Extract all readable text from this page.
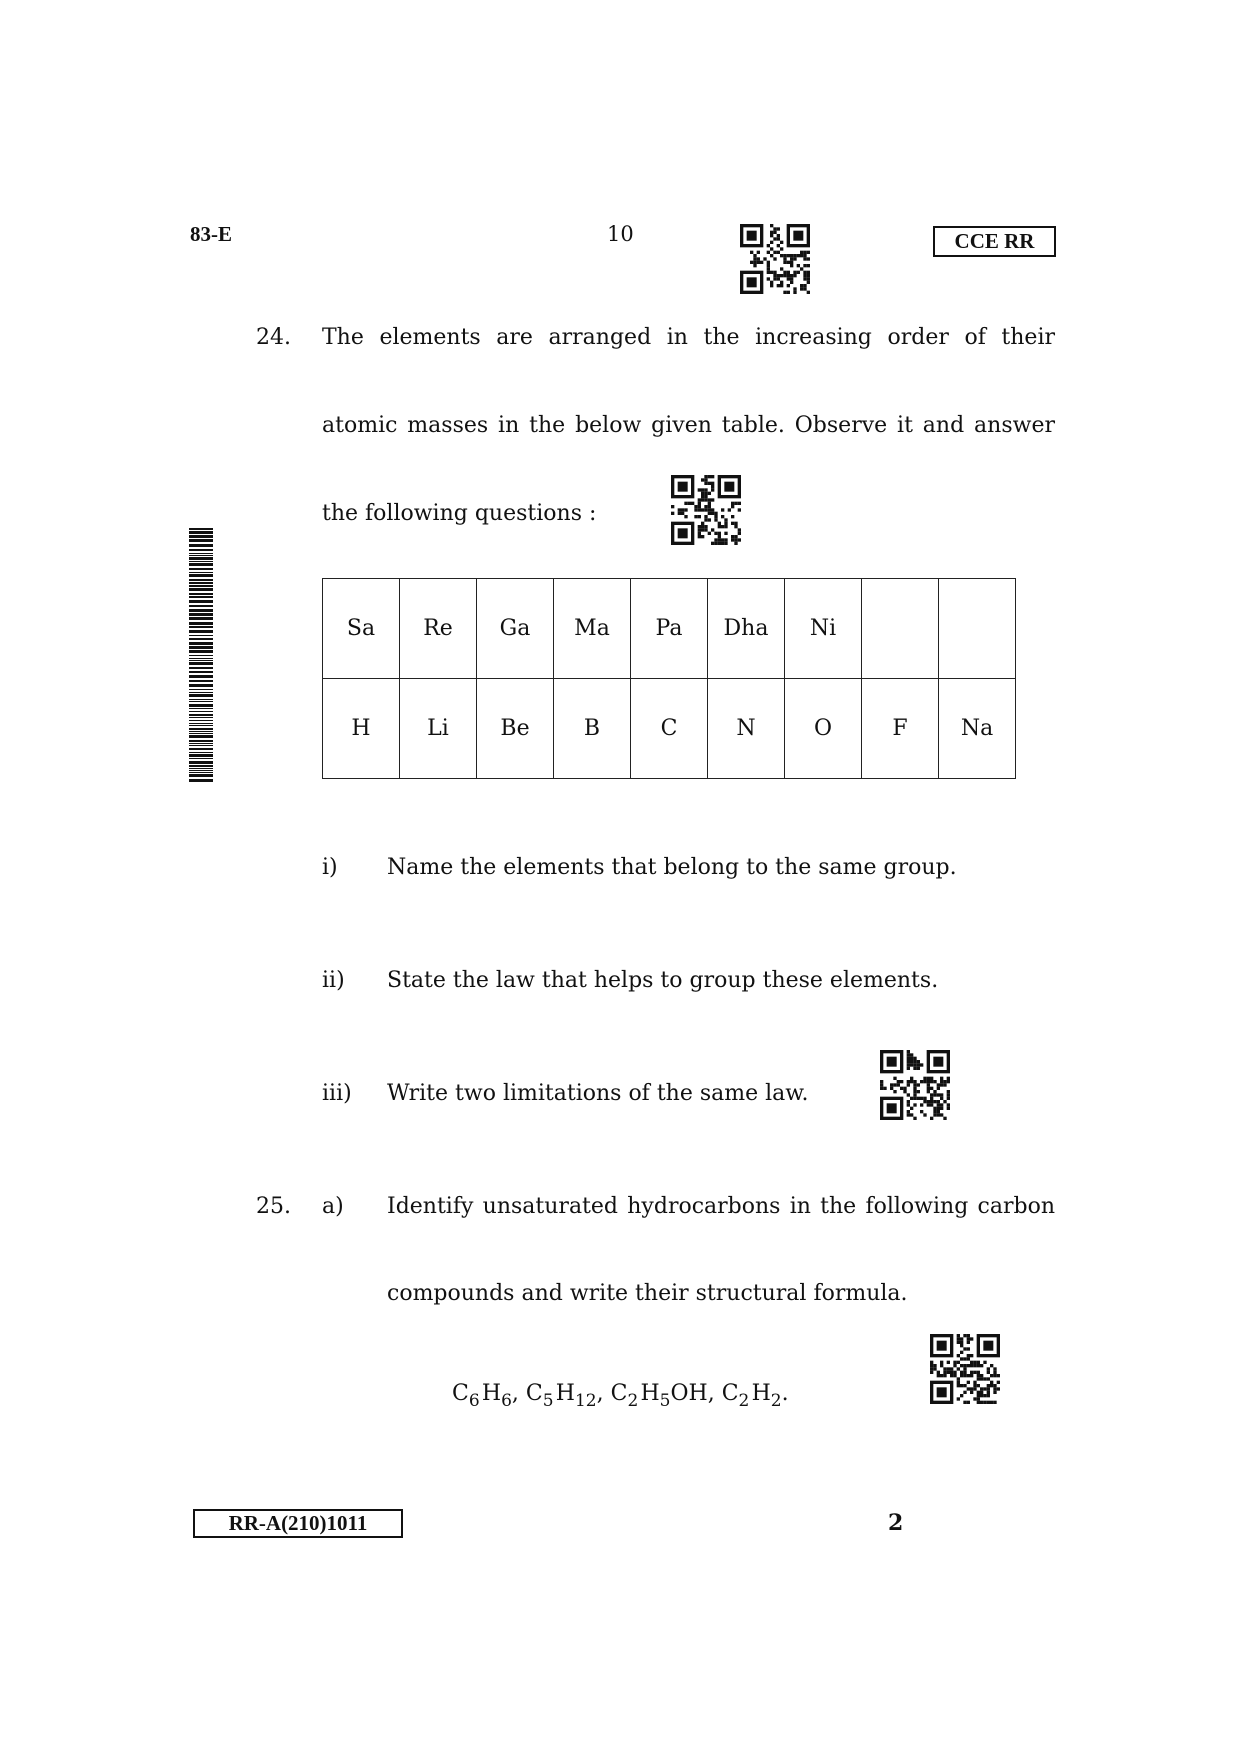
83-E	10	CCE RR
24. The elements are arranged in the increasing order of their
atomic masses in the below given table. Observe it and answer
the following questions :
Sa	Re	Ga	Ma	Pa	Dha	Ni		
H	Li	Be	B	C	N	O	F	Na
i) Name the elements that belong to the same group.
ii) State the law that helps to group these elements.
iii) Write two limitations of the same law.
25. a) Identify unsaturated hydrocarbons in the following carbon
compounds and write their structural formula.
$C_6$  $H_6$, $C_5$  $H_{12}$, $C_2$  $H_5OH$, $C_2$  $H_2$.
RR-A(210)1011	2
